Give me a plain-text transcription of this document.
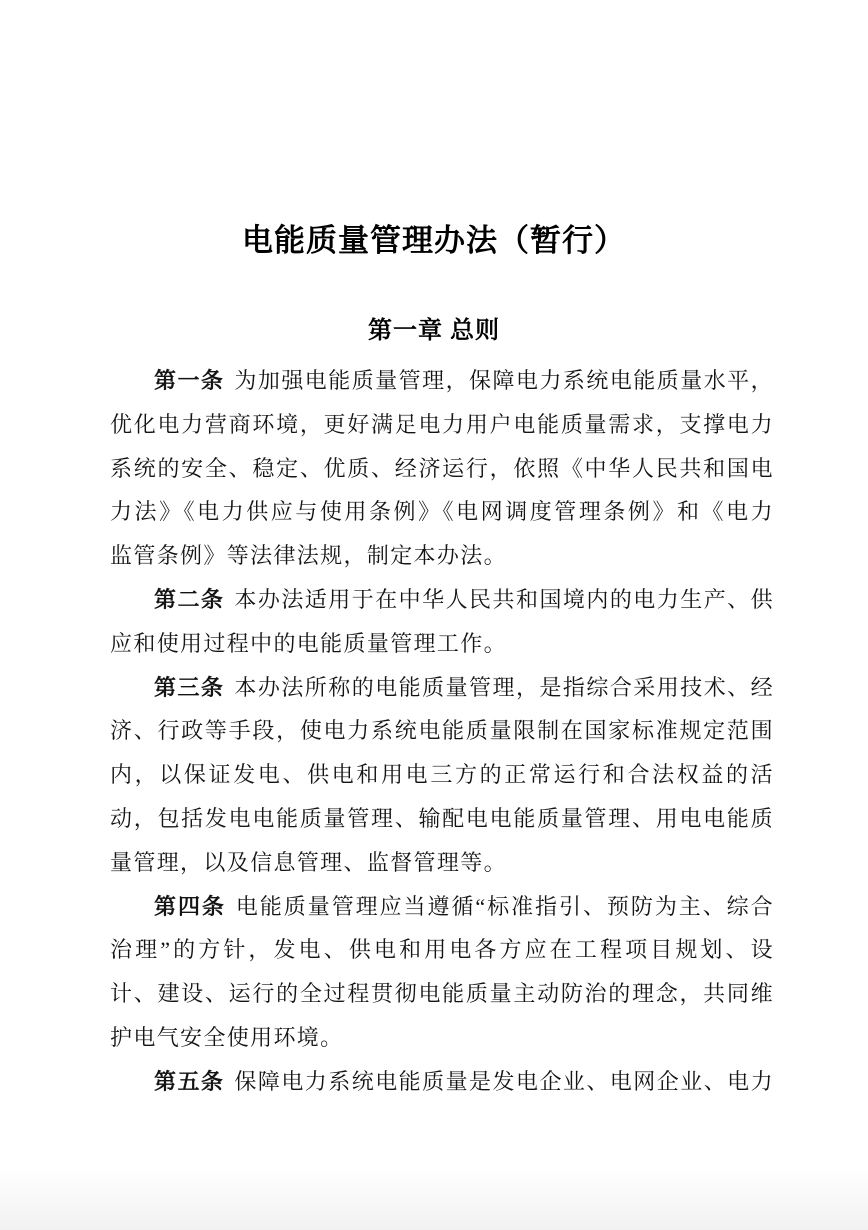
电能质量管理办法（暂行）
第一章 总则
第一条 为加强电能质量管理，保障电力系统电能质量水平，
优化电力营商环境，更好满足电力用户电能质量需求，支撑电力
系统的安全、稳定、优质、经济运行，依照《中华人民共和国电
力法》《电力供应与使用条例》《电网调度管理条例》和《电力
监管条例》等法律法规，制定本办法。
第二条 本办法适用于在中华人民共和国境内的电力生产、供
应和使用过程中的电能质量管理工作。
第三条 本办法所称的电能质量管理，是指综合采用技术、经
济、行政等手段，使电力系统电能质量限制在国家标准规定范围
内，以保证发电、供电和用电三方的正常运行和合法权益的活
动，包括发电电能质量管理、输配电电能质量管理、用电电能质
量管理，以及信息管理、监督管理等。
第四条 电能质量管理应当遵循“标准指引、预防为主、综合
治理”的方针，发电、供电和用电各方应在工程项目规划、设
计、建设、运行的全过程贯彻电能质量主动防治的理念，共同维
护电气安全使用环境。
第五条 保障电力系统电能质量是发电企业、电网企业、电力
